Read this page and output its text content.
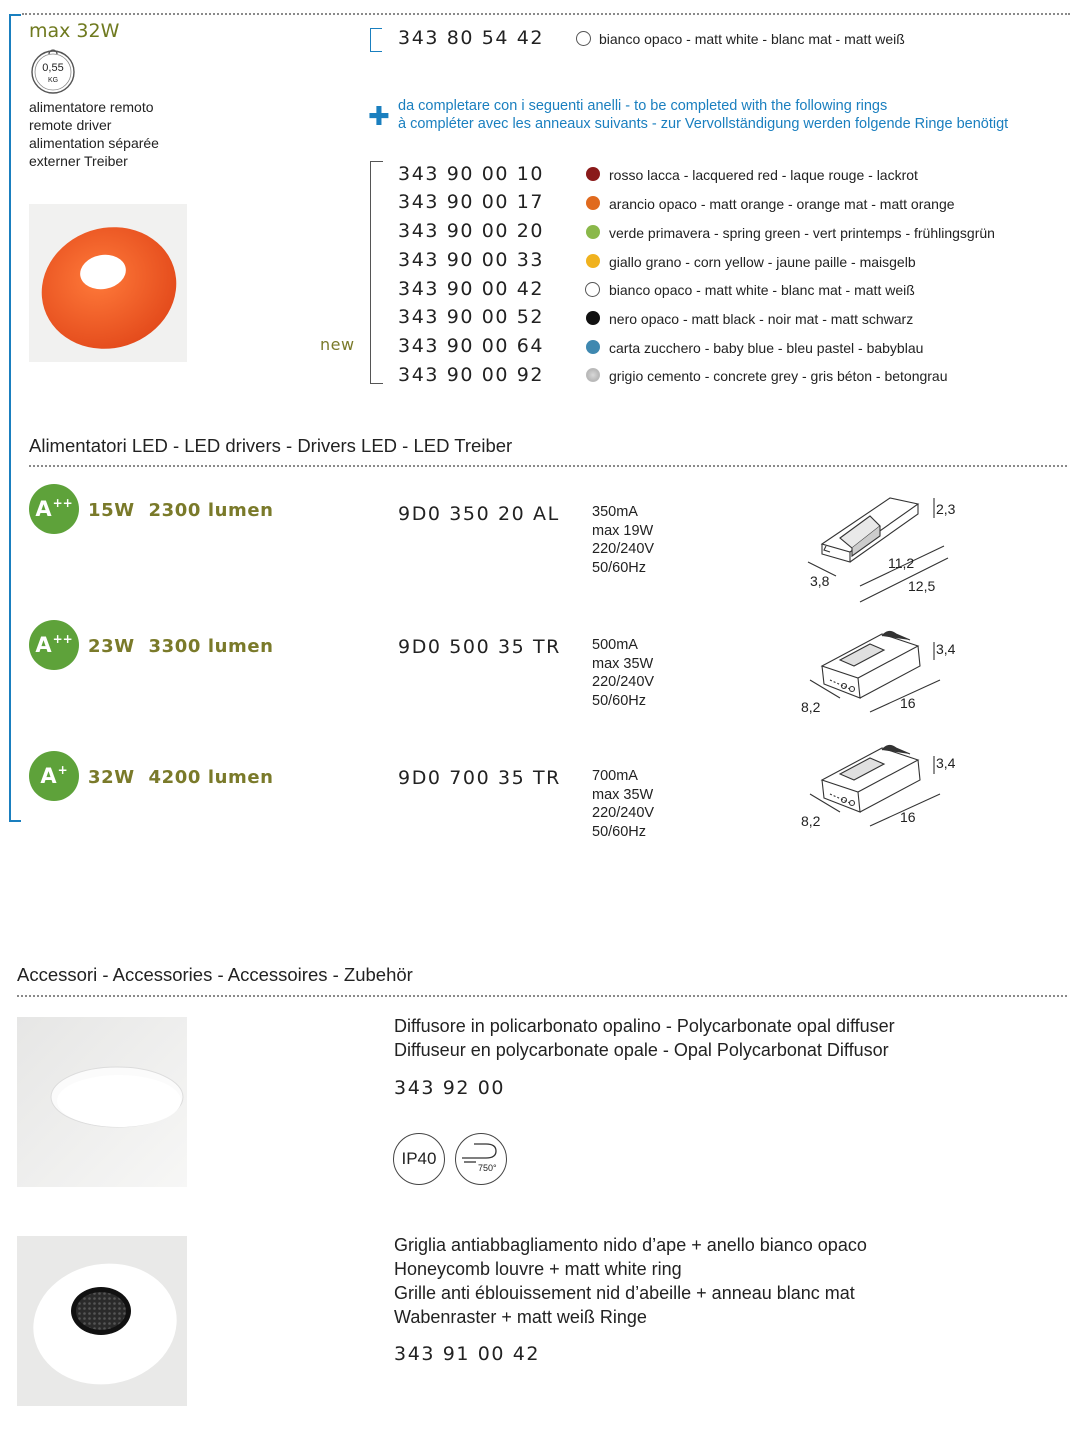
max 32W
0,55
KG
alimentatore remoto
remote driver
alimentation séparée
externer Treiber
343 80 54 42	bianco opaco - matt white - blanc mat - matt weiß
✚ da completare con i seguenti anelli - to be completed with the following rings
à compléter avec les anneaux suivants - zur Vervollständigung werden folgende Ringe benötigt
new
343 90 00 10	rosso lacca - lacquered red - laque rouge - lackrot
343 90 00 17	arancio opaco - matt orange - orange mat - matt orange
343 90 00 20	verde primavera - spring green - vert printemps - frühlingsgrün
343 90 00 33	giallo grano - corn yellow - jaune paille - maisgelb
343 90 00 42	bianco opaco - matt white - blanc mat - matt weiß
343 90 00 52	nero opaco - matt black - noir mat - matt schwarz
343 90 00 64	carta zucchero - baby blue - bleu pastel - babyblau
343 90 00 92	grigio cemento - concrete grey - gris béton - betongrau
Alimentatori LED - LED drivers - Drivers LED - LED Treiber
A++ 15W 2300 lumen	9D0 350 20 AL 350mA
max 19W
220/240V
50/60Hz
2,3
3,8
11,2
12,5
A++ 23W 3300 lumen	9D0 500 35 TR 500mA
max 35W
220/240V
50/60Hz
3,4
8,2	16
A+ 32W 4200 lumen	9D0 700 35 TR 700mA
max 35W
220/240V
50/60Hz
3,4
8,2	16
Accessori - Accessories - Accessoires - Zubehör
Diffusore in policarbonato opalino - Polycarbonate opal diffuser
Diffuseur en polycarbonate opale - Opal Polycarbonat Diffusor
343 92 00
IP40	750°
Griglia antiabbagliamento nido d’ape + anello bianco opaco
Honeycomb louvre + matt white ring
Grille anti éblouissement nid d’abeille + anneau blanc mat
Wabenraster + matt weiß Ringe
343 91 00 42
